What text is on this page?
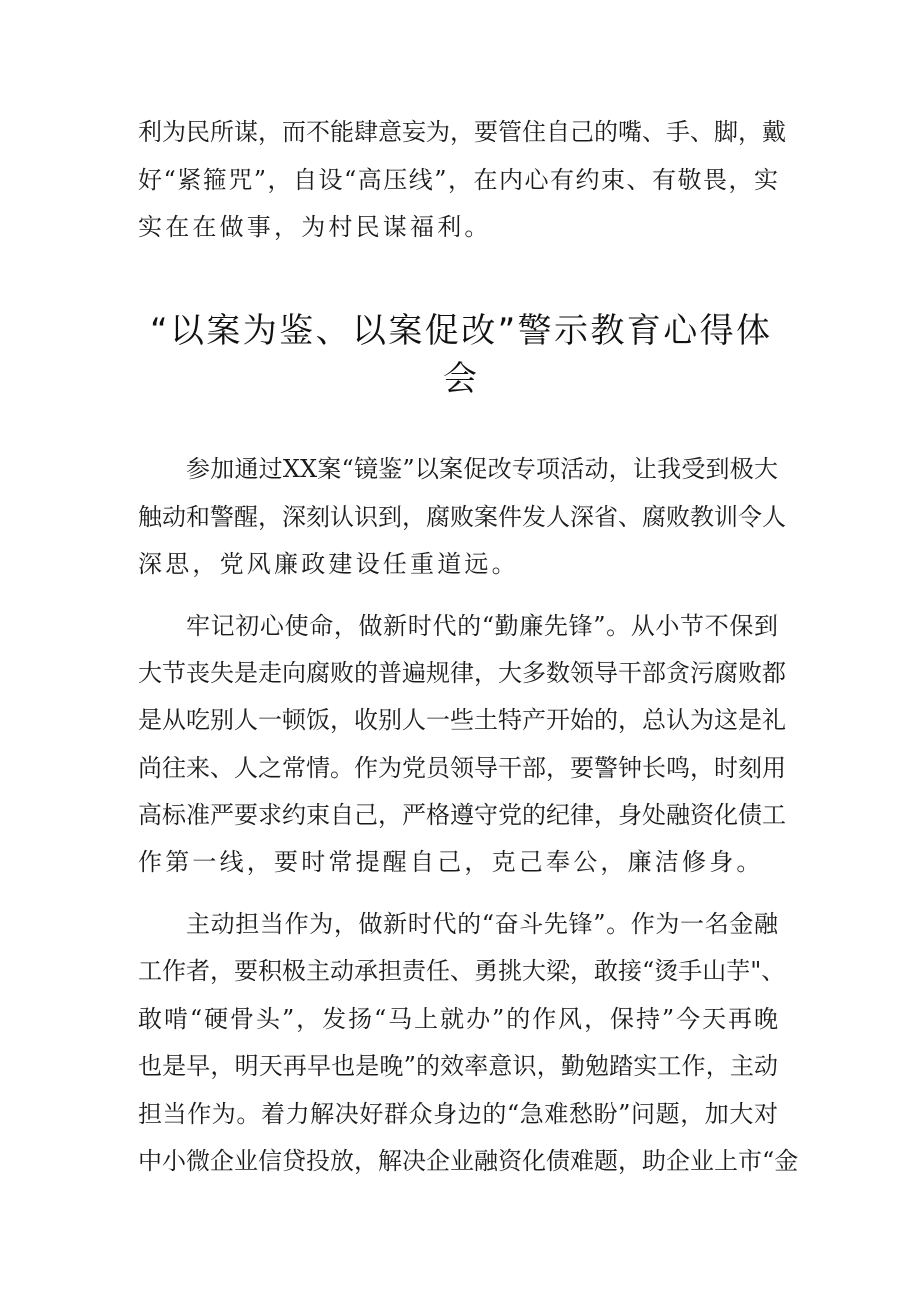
利为民所谋，而不能肆意妄为，要管住自己的嘴、手、脚，戴
好“紧箍咒”，自设“高压线”，在内心有约束、有敬畏，实
实在在做事，为村民谋福利。
“以案为鉴、以案促改”警示教育心得体
会
参加通过XX案“镜鉴”以案促改专项活动，让我受到极大
触动和警醒，深刻认识到，腐败案件发人深省、腐败教训令人
深思，党风廉政建设任重道远。
牢记初心使命，做新时代的“勤廉先锋”。从小节不保到
大节丧失是走向腐败的普遍规律，大多数领导干部贪污腐败都
是从吃别人一顿饭，收别人一些土特产开始的，总认为这是礼
尚往来、人之常情。作为党员领导干部，要警钟长鸣，时刻用
高标准严要求约束自己，严格遵守党的纪律，身处融资化债工
作第一线，要时常提醒自己，克己奉公，廉洁修身。
主动担当作为，做新时代的“奋斗先锋”。作为一名金融
工作者，要积极主动承担责任、勇挑大梁，敢接“烫手山芋"、
敢啃“硬骨头”，发扬“马上就办”的作风，保持”今天再晚
也是早，明天再早也是晚”的效率意识，勤勉踏实工作，主动
担当作为。着力解决好群众身边的“急难愁盼”问题，加大对
中小微企业信贷投放，解决企业融资化债难题，助企业上市“金
